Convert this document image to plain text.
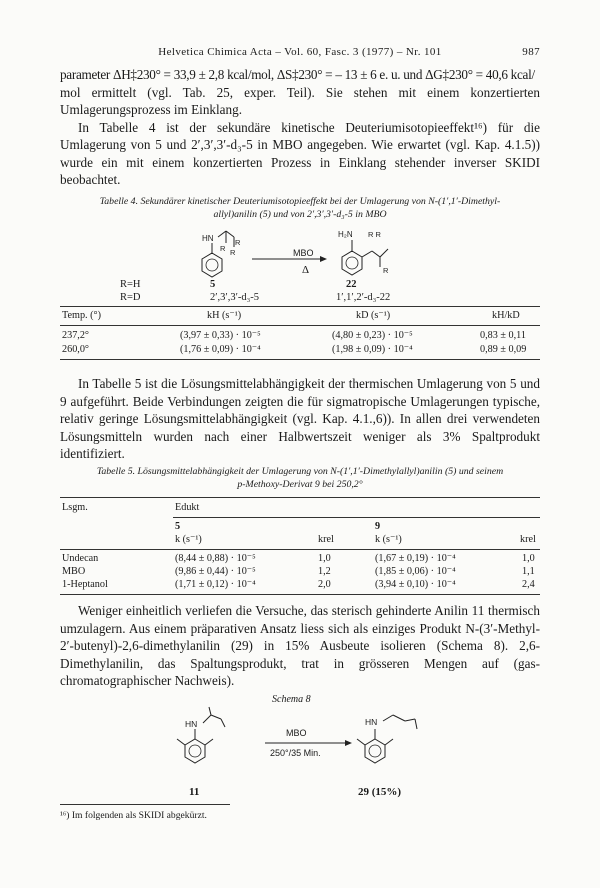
Helvetica Chimica Acta – Vol. 60, Fasc. 3 (1977) – Nr. 101	987

parameter ΔH‡230° = 33,9 ± 2,8 kcal/mol, ΔS‡230° = – 13 ± 6 e. u. und ΔG‡230° = 40,6 kcal/

mol ermittelt (vgl. Tab. 25, exper. Teil). Sie stehen mit einem konzertierten Umlagerungsprozess im Einklang.

In Tabelle 4 ist der sekundäre kinetische Deuteriumisotopieeffekt¹⁶) für die Umlagerung von 5 und 2′,3′,3′-d₃-5 in MBO angegeben. Wie erwartet (vgl. Kap. 4.1.5)) wurde ein mit einem konzertierten Prozess in Einklang stehender inverser SKIDI beobachtet.

Tabelle 4. Sekundärer kinetischer Deuteriumisotopieeffekt bei der Umlagerung von N-(1′,1′-Dimethyl-
allyl)anilin (5) und von 2′,3′,3′-d₃-5 in MBO
HN	R
R R
H₂N R R
R
MBO
Δ
R=H
R=D
5
2′,3′,3′-d₃-5
22
1′,1′,2′-d₃-22
Temp. (°)	kH (s⁻¹)	kD (s⁻¹)	kH/kD
237,2°	(3,97 ± 0,33) · 10⁻⁵	(4,80 ± 0,23) · 10⁻⁵	0,83 ± 0,11
260,0°	(1,76 ± 0,09) · 10⁻⁴	(1,98 ± 0,09) · 10⁻⁴	0,89 ± 0,09

In Tabelle 5 ist die Lösungsmittelabhängigkeit der thermischen Umlagerung von 5 und 9 aufgeführt. Beide Verbindungen zeigten die für sigmatropische Umlagerungen typische, relativ geringe Lösungsmittelabhängigkeit (vgl. Kap. 4.1.,6)). In allen drei verwendeten Lösungsmitteln wurden nach einer Halbwertszeit weniger als 3% Spaltprodukt identifiziert.

Tabelle 5. Lösungsmittelabhängigkeit der Umlagerung von N-(1′,1′-Dimethylallyl)anilin (5) und seinem
p-Methoxy-Derivat 9 bei 250,2°
Lsgm.	Edukt
5	9
k (s⁻¹)	krel	k (s⁻¹)	krel
Undecan	(8,44 ± 0,88) · 10⁻⁵	1,0	(1,67 ± 0,19) · 10⁻⁴	1,0
MBO	(9,86 ± 0,44) · 10⁻⁵	1,2	(1,85 ± 0,06) · 10⁻⁴	1,1
1-Heptanol	(1,71 ± 0,12) · 10⁻⁴	2,0	(3,94 ± 0,10) · 10⁻⁴	2,4

Weniger einheitlich verliefen die Versuche, das sterisch gehinderte Anilin 11 thermisch umzulagern. Aus einem präparativen Ansatz liess sich als einziges Produkt N-(3′-Methyl-2′-butenyl)-2,6-dimethylanilin (29) in 15% Ausbeute isolieren (Schema 8). 2,6-Dimethylanilin, das Spaltungsprodukt, trat in grösseren Mengen auf (gas-chromatographischer Nachweis).

Schema 8
HN	HN
MBO
250°/35 Min.
11	29 (15%)
¹⁶) Im folgenden als SKIDI abgekürzt.
